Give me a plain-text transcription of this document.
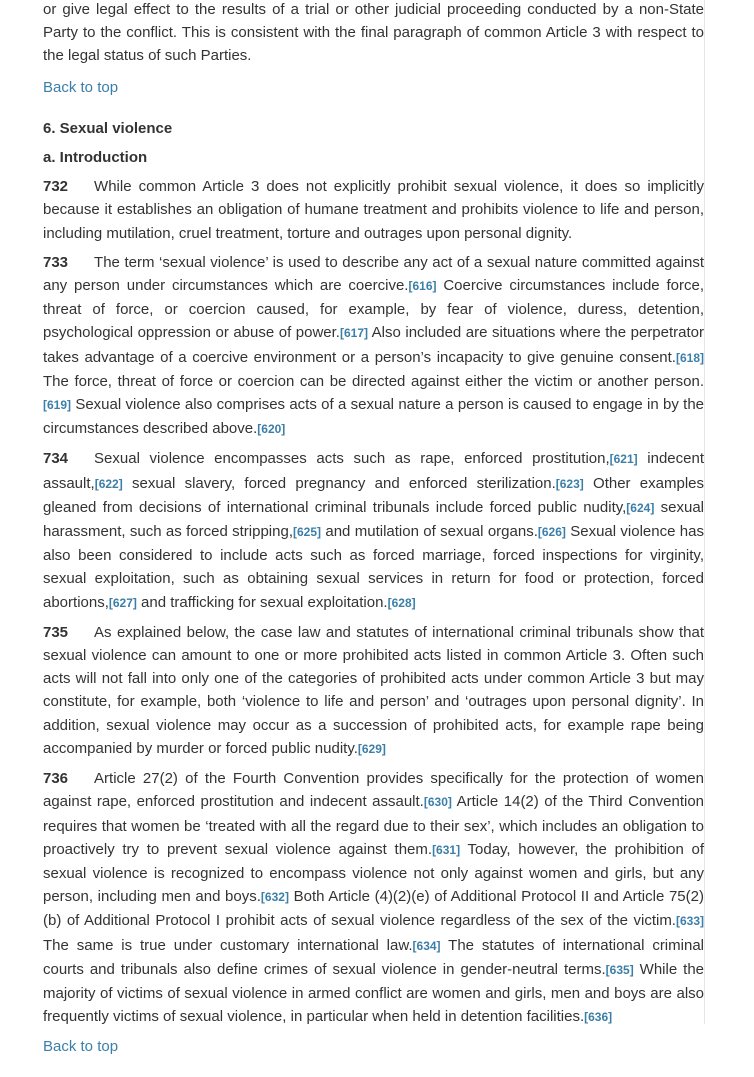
or give legal effect to the results of a trial or other judicial proceeding conducted by a non-State Party to the conflict. This is consistent with the final paragraph of common Article 3 with respect to the legal status of such Parties.

Back to top
6. Sexual violence
a. Introduction

732 While common Article 3 does not explicitly prohibit sexual violence, it does so implicitly because it establishes an obligation of humane treatment and prohibits violence to life and person, including mutilation, cruel treatment, torture and outrages upon personal dignity.

733 The term ‘sexual violence’ is used to describe any act of a sexual nature committed against any person under circumstances which are coercive.[616] Coercive circumstances include force, threat of force, or coercion caused, for example, by fear of violence, duress, detention, psychological oppression or abuse of power.[617] Also included are situations where the perpetrator takes advantage of a coercive environment or a person’s incapacity to give genuine consent.[618] The force, threat of force or coercion can be directed against either the victim or another person.[619] Sexual violence also comprises acts of a sexual nature a person is caused to engage in by the circumstances described above.[620]

734 Sexual violence encompasses acts such as rape, enforced prostitution,[621] indecent assault,[622] sexual slavery, forced pregnancy and enforced sterilization.[623] Other examples gleaned from decisions of international criminal tribunals include forced public nudity,[624] sexual harassment, such as forced stripping,[625] and mutilation of sexual organs.[626] Sexual violence has also been considered to include acts such as forced marriage, forced inspections for virginity, sexual exploitation, such as obtaining sexual services in return for food or protection, forced abortions,[627] and trafficking for sexual exploitation.[628]

735 As explained below, the case law and statutes of international criminal tribunals show that sexual violence can amount to one or more prohibited acts listed in common Article 3. Often such acts will not fall into only one of the categories of prohibited acts under common Article 3 but may constitute, for example, both ‘violence to life and person’ and ‘outrages upon personal dignity’. In addition, sexual violence may occur as a succession of prohibited acts, for example rape being accompanied by murder or forced public nudity.[629]

736 Article 27(2) of the Fourth Convention provides specifically for the protection of women against rape, enforced prostitution and indecent assault.[630] Article 14(2) of the Third Convention requires that women be ‘treated with all the regard due to their sex’, which includes an obligation to proactively try to prevent sexual violence against them.[631] Today, however, the prohibition of sexual violence is recognized to encompass violence not only against women and girls, but any person, including men and boys.[632] Both Article (4)(2)(e) of Additional Protocol II and Article 75(2)(b) of Additional Protocol I prohibit acts of sexual violence regardless of the sex of the victim.[633] The same is true under customary international law.[634] The statutes of international criminal courts and tribunals also define crimes of sexual violence in gender-neutral terms.[635] While the majority of victims of sexual violence in armed conflict are women and girls, men and boys are also frequently victims of sexual violence, in particular when held in detention facilities.[636]

Back to top
